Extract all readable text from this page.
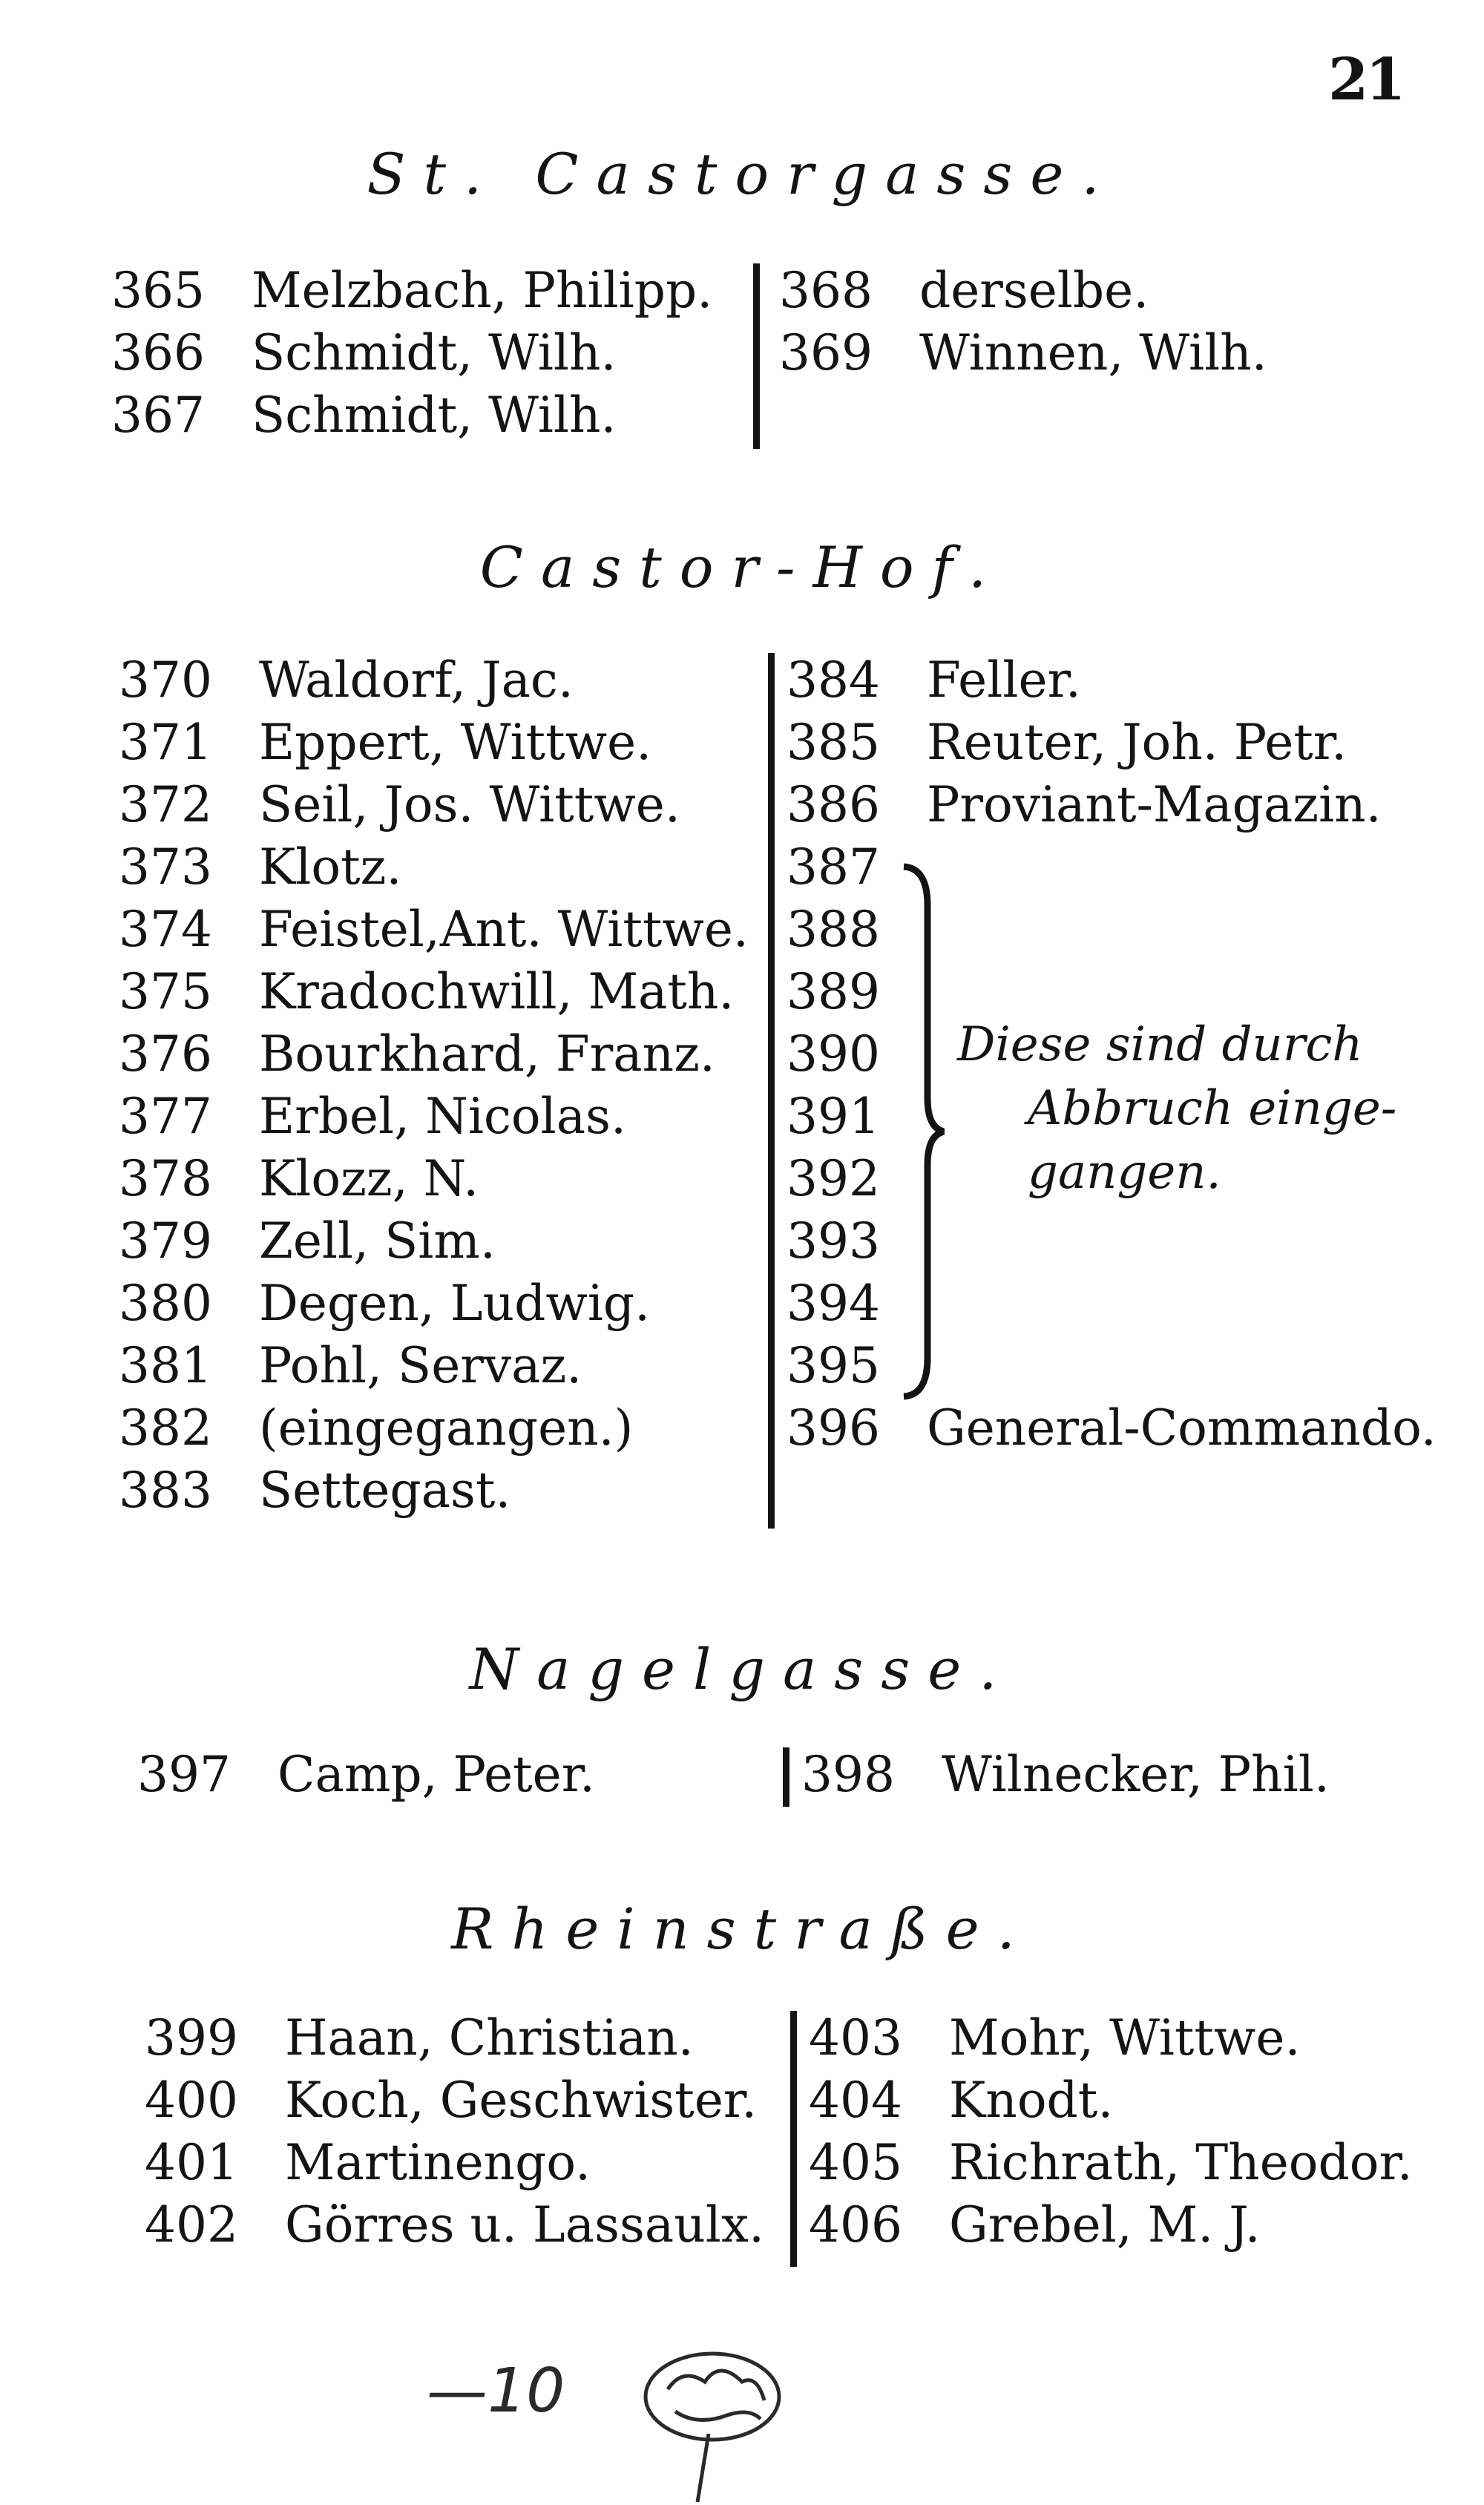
21
St. Castorgasse.
365 Melzbach, Philipp.
366 Schmidt, Wilh.
367 Schmidt, Wilh.
368 derselbe.
369 Winnen, Wilh.
Castor-Hof.
370 Waldorf, Jac.
371 Eppert, Wittwe.
372 Seil, Jos. Wittwe.
373 Klotz.
374 Feistel,Ant. Wittwe.
375 Kradochwill, Math.
376 Bourkhard, Franz.
377 Erbel, Nicolas.
378 Klozz, N.
379 Zell, Sim.
380 Degen, Ludwig.
381 Pohl, Servaz.
382 (eingegangen.)
383 Settegast.
384 Feller.
385 Reuter, Joh. Petr.
386 Proviant-Magazin.
387
388
389
390
391
392
393
394
395
396 General-Commando.
Diese sind durch
Abbruch einge-
gangen.
Nagelgasse.
397 Camp, Peter.	398 Wilnecker, Phil.
Rheinstraße.
399 Haan, Christian.
400 Koch, Geschwister.
401 Martinengo.
402 Görres u. Lassaulx.
403 Mohr, Wittwe.
404 Knodt.
405 Richrath, Theodor.
406 Grebel, M. J.
—10
